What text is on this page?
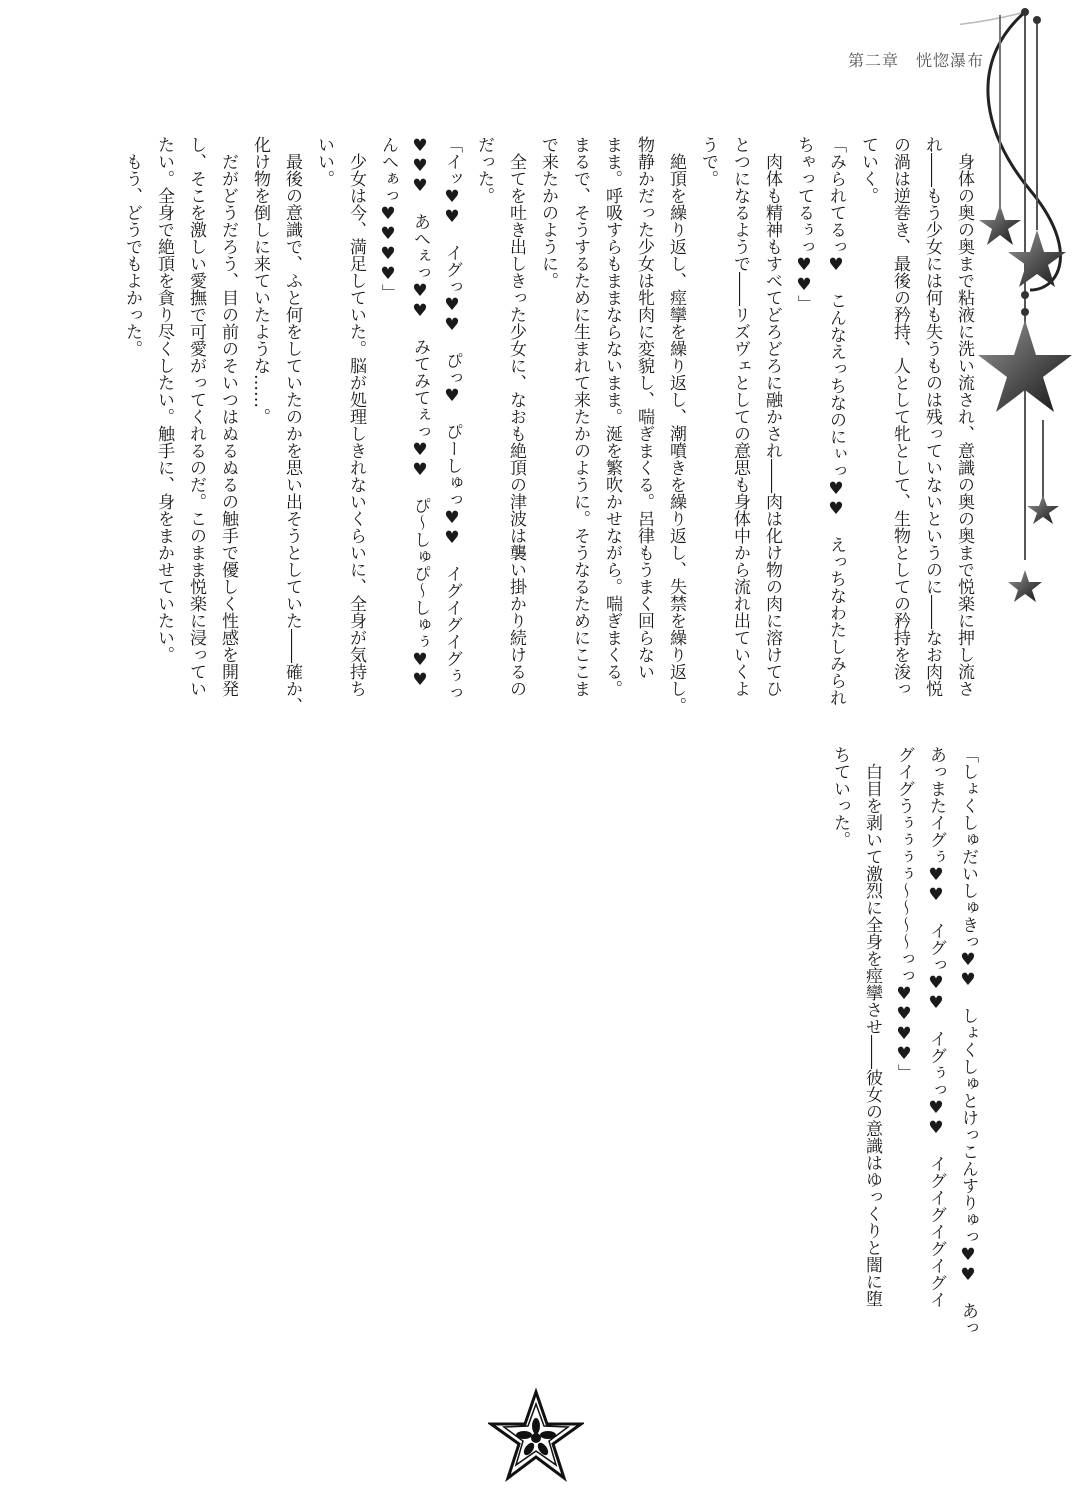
第二章　恍惚瀑布
　身体の奥の奥まで粘液に洗い流され、意識の奥の奥まで悦楽に押し流さ
れ――もう少女には何も失うものは残っていないというのに――なお肉悦
の渦は逆巻き、最後の矜持、人として牝として、生物としての矜持を浚っ
ていく。
「みられてるっ♥　こんなえっちなのにぃっ♥♥　えっちなわたしみられ
ちゃってるぅっ♥♥」
　肉体も精神もすべてどろどろに融かされ――肉は化け物の肉に溶けてひ
とつになるようで――リズヴェとしての意思も身体中から流れ出ていくよ
うで。
　絶頂を繰り返し、痙攣を繰り返し、潮噴きを繰り返し、失禁を繰り返し。
物静かだった少女は牝肉に変貌し、喘ぎまくる。呂律もうまく回らない
まま。呼吸すらもままならないまま。涎を繁吹かせながら。喘ぎまくる。
まるで、そうするために生まれて来たかのように。そうなるためにここま
で来たかのように。
　全てを吐き出しきった少女に、なおも絶頂の津波は襲い掛かり続けるの
だった。
「イッ♥♥　イグっ♥♥　ぴっ♥　ぴーしゅっ♥♥　イグイグイグぅっ
♥♥♥　あへぇっ♥♥　みてみてぇっ♥♥　ぴ～しゅぴ～しゅぅ♥♥
んへぁっ♥♥♥♥」
　少女は今、満足していた。脳が処理しきれないくらいに、全身が気持ち
いい。
　最後の意識で、ふと何をしていたのかを思い出そうとしていた――確か、
化け物を倒しに来ていたような……。
　だがどうだろう、目の前のそいつはぬるぬるの触手で優しく性感を開発
し、そこを激しい愛撫で可愛がってくれるのだ。このまま悦楽に浸ってい
たい。全身で絶頂を貪り尽くしたい。触手に、身をまかせていたい。
　もう、どうでもよかった。
「しょくしゅだいしゅきっ♥♥　しょくしゅとけっこんすりゅっ♥♥　あっ
あっまたイグぅ♥♥　イグっ♥♥　イグぅっ♥♥　イグイグイグイグイ
グイグうぅぅぅぅ～～～～っっ♥♥♥♥」
　白目を剥いて激烈に全身を痙攣させ――彼女の意識はゆっくりと闇に堕
ちていった。
